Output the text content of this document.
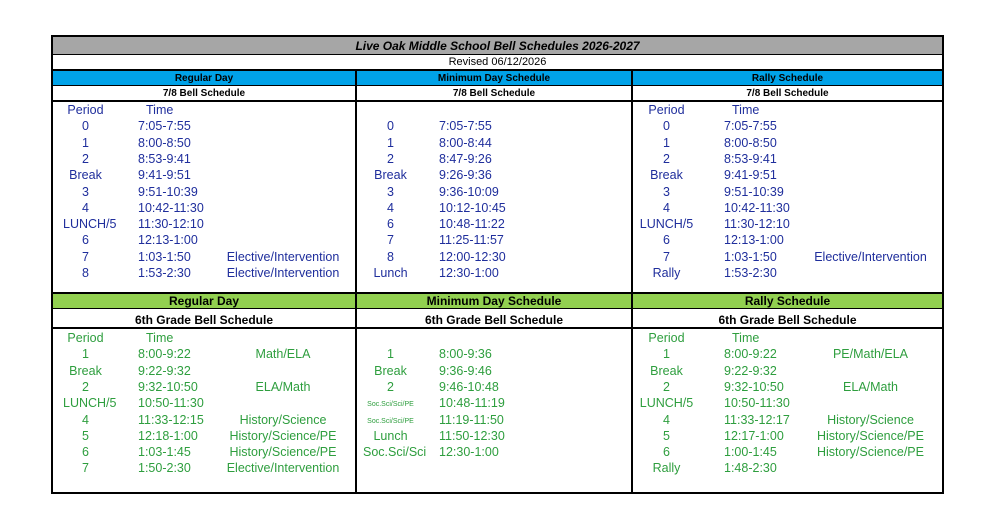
Live Oak Middle School Bell Schedules 2026-2027
Revised 06/12/2026
Regular Day
7/8 Bell Schedule
Regular Day
6th Grade Bell Schedule
Period	Time
0	7:05-7:55
1	8:00-8:50
2	8:53-9:41
Break	9:41-9:51
3	9:51-10:39
4	10:42-11:30
LUNCH/5 11:30-12:10
6	12:13-1:00
7	1:03-1:50	Elective/Intervention
8	1:53-2:30	Elective/Intervention
Period	Time
1	8:00-9:22	Math/ELA
Break	9:22-9:32
2	9:32-10:50	ELA/Math
LUNCH/5 10:50-11:30
4	11:33-12:15	History/Science
5	12:18-1:00	History/Science/PE
6	1:03-1:45	History/Science/PE
7	1:50-2:30	Elective/Intervention
Minimum Day Schedule
7/8 Bell Schedule
Minimum Day Schedule
6th Grade Bell Schedule
0	7:05-7:55
1	8:00-8:44
2	8:47-9:26
Break	9:26-9:36
3	9:36-10:09
4	10:12-10:45
6	10:48-11:22
7	11:25-11:57
8	12:00-12:30
Lunch	12:30-1:00
1	8:00-9:36
Break	9:36-9:46
2	9:46-10:48
Soc.Sci/Sci/PE	10:48-11:19
Soc.Sci/Sci/PE	11:19-11:50
Lunch	11:50-12:30
Soc.Sci/Sci 12:30-1:00
Rally Schedule
7/8 Bell Schedule
Rally Schedule
6th Grade Bell Schedule
Period	Time
0	7:05-7:55
1	8:00-8:50
2	8:53-9:41
Break	9:41-9:51
3	9:51-10:39
4	10:42-11:30
LUNCH/5 11:30-12:10
6	12:13-1:00
7	1:03-1:50	Elective/Intervention
Rally	1:53-2:30
Period	Time
1	8:00-9:22	PE/Math/ELA
Break	9:22-9:32
2	9:32-10:50	ELA/Math
LUNCH/5 10:50-11:30
4	11:33-12:17	History/Science
5	12:17-1:00	History/Science/PE
6	1:00-1:45	History/Science/PE
Rally	1:48-2:30
